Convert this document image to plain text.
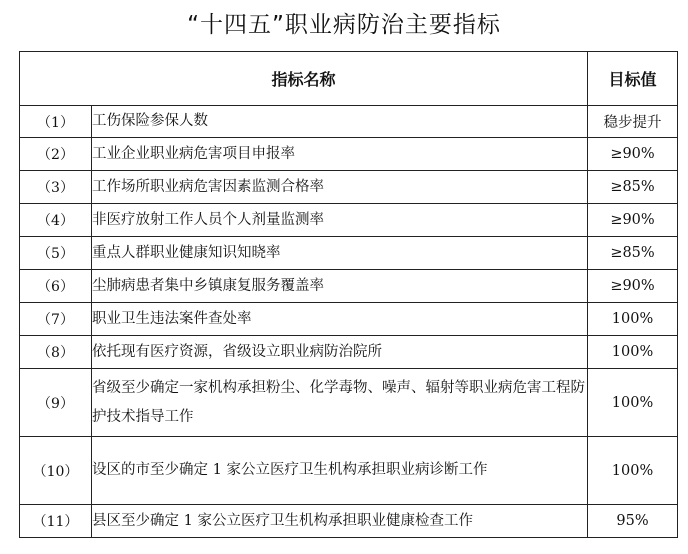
“十四五”职业病防治主要指标
指标名称		目标值
（1）	工伤保险参保人数	稳步提升
（2）	工业企业职业病危害项目申报率	≥90%
（3）	工作场所职业病危害因素监测合格率	≥85%
（4）	非医疗放射工作人员个人剂量监测率	≥90%
（5）	重点人群职业健康知识知晓率	≥85%
（6）	尘肺病患者集中乡镇康复服务覆盖率	≥90%
（7）	职业卫生违法案件查处率	100%
（8）	依托现有医疗资源，省级设立职业病防治院所	100%
（9）	省级至少确定一家机构承担粉尘、化学毒物、噪声、辐射等职业病危害工程防护技术指导工作	100%
（10）	设区的市至少确定 1 家公立医疗卫生机构承担职业病诊断工作	100%
（11）	县区至少确定 1 家公立医疗卫生机构承担职业健康检查工作	95%
